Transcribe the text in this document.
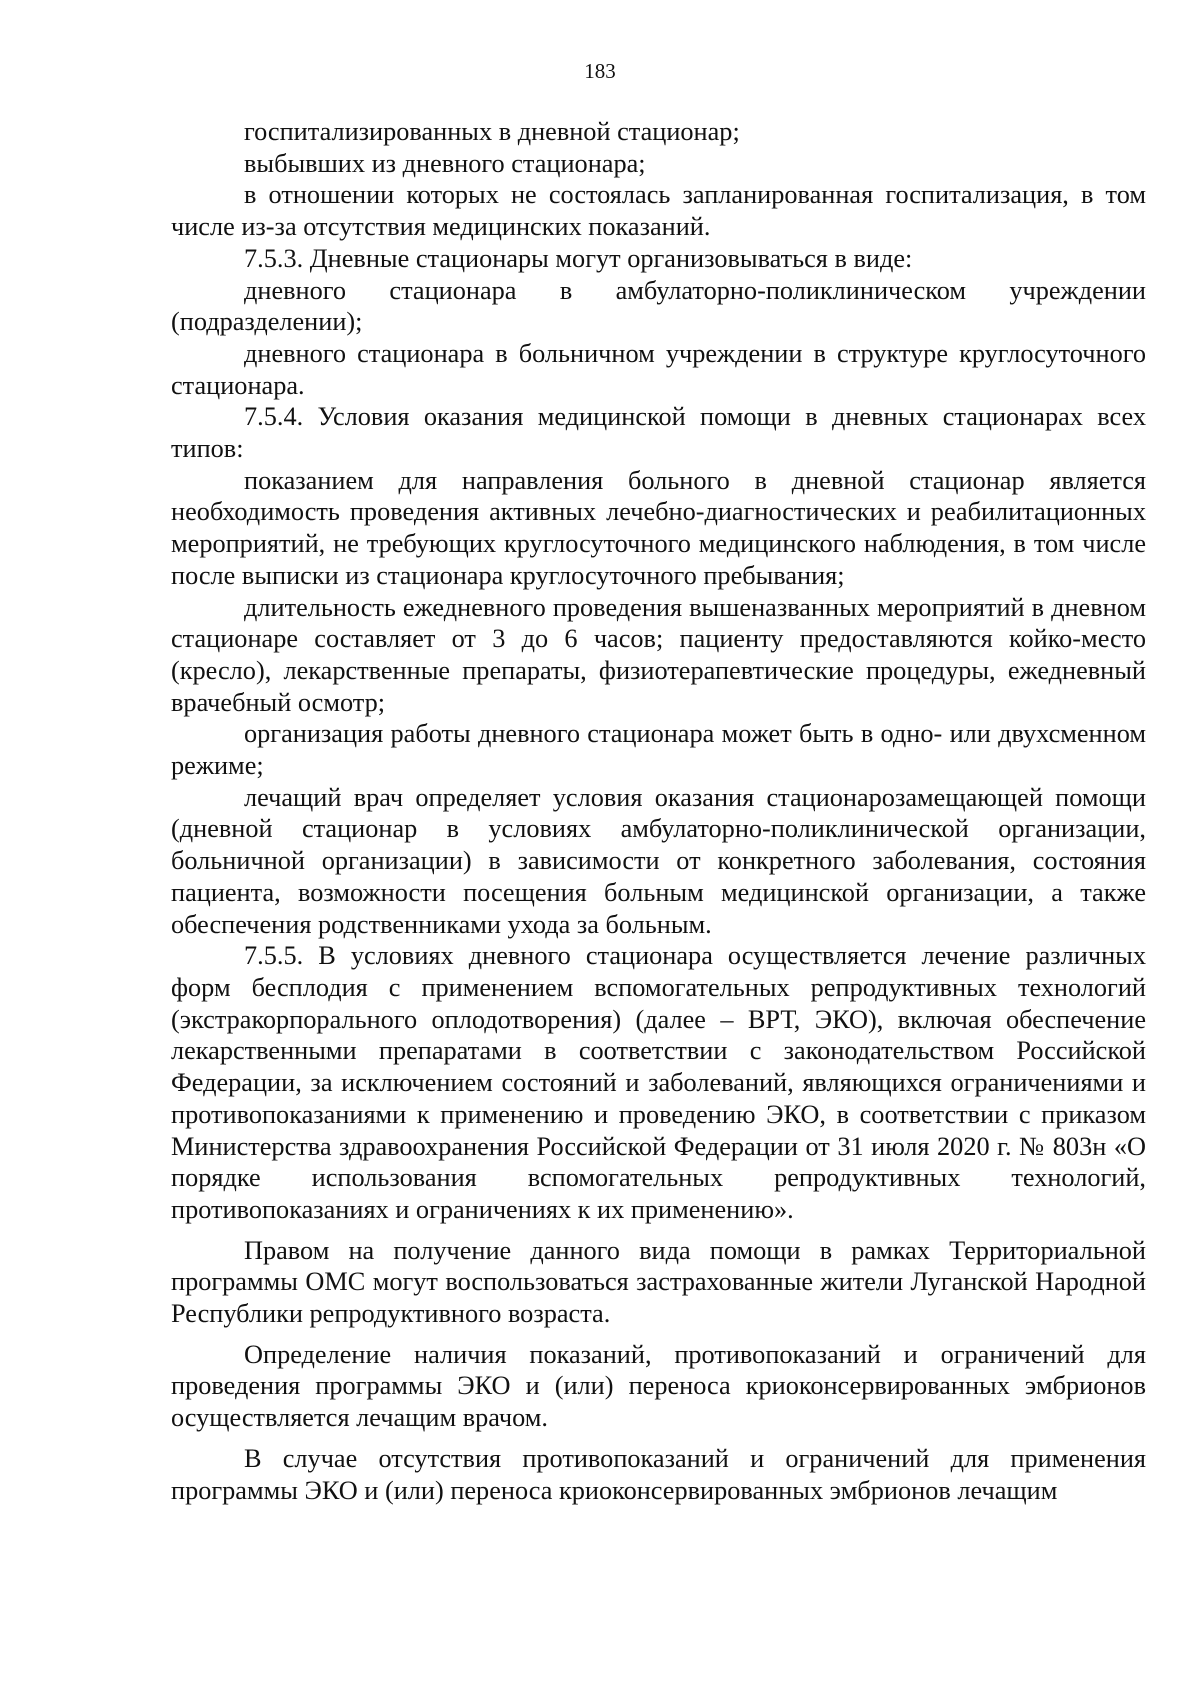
183

госпитализированных в дневной стационар;

выбывших из дневного стационара;

в отношении которых не состоялась запланированная госпитализация, в том числе из-за отсутствия медицинских показаний.

7.5.3. Дневные стационары могут организовываться в виде:

дневного стационара в амбулаторно-поликлиническом учреждении (подразделении);

дневного стационара в больничном учреждении в структуре круглосуточного стационара.

7.5.4. Условия оказания медицинской помощи в дневных стационарах всех типов:

показанием для направления больного в дневной стационар является необходимость проведения активных лечебно-диагностических и реабилитационных мероприятий, не требующих круглосуточного медицинского наблюдения, в том числе после выписки из стационара круглосуточного пребывания;

длительность ежедневного проведения вышеназванных мероприятий в дневном стационаре составляет от 3 до 6 часов; пациенту предоставляются койко-место (кресло), лекарственные препараты, физиотерапевтические процедуры, ежедневный врачебный осмотр;

организация работы дневного стационара может быть в одно- или двухсменном режиме;

лечащий врач определяет условия оказания стационарозамещающей помощи (дневной стационар в условиях амбулаторно-поликлинической организации, больничной организации) в зависимости от конкретного заболевания, состояния пациента, возможности посещения больным медицинской организации, а также обеспечения родственниками ухода за больным.

7.5.5. В условиях дневного стационара осуществляется лечение различных форм бесплодия с применением вспомогательных репродуктивных технологий (экстракорпорального оплодотворения) (далее – ВРТ, ЭКО), включая обеспечение лекарственными препаратами в соответствии с законодательством Российской Федерации, за исключением состояний и заболеваний, являющихся ограничениями и противопоказаниями к применению и проведению ЭКО, в соответствии с приказом Министерства здравоохранения Российской Федерации от 31 июля 2020 г. № 803н «О порядке использования вспомогательных репродуктивных технологий, противопоказаниях и ограничениях к их применению».

Правом на получение данного вида помощи в рамках Территориальной программы ОМС могут воспользоваться застрахованные жители Луганской Народной Республики репродуктивного возраста.

Определение наличия показаний, противопоказаний и ограничений для проведения программы ЭКО и (или) переноса криоконсервированных эмбрионов осуществляется лечащим врачом.

В случае отсутствия противопоказаний и ограничений для применения программы ЭКО и (или) переноса криоконсервированных эмбрионов лечащим
